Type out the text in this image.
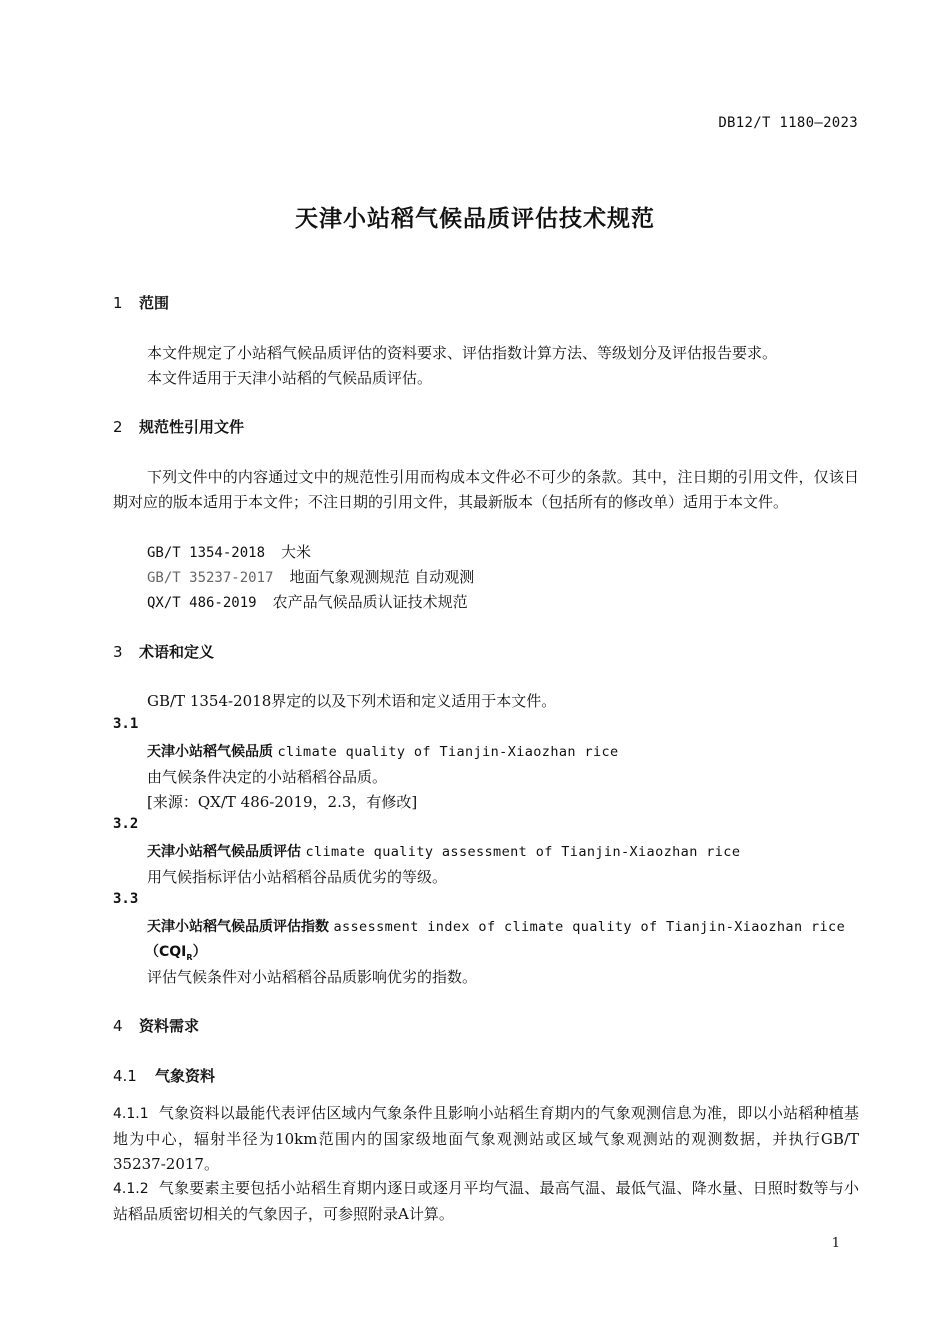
DB12/T 1180—2023
天津小站稻气候品质评估技术规范
1 范围
本文件规定了小站稻气候品质评估的资料要求、评估指数计算方法、等级划分及评估报告要求。
本文件适用于天津小站稻的气候品质评估。
2 规范性引用文件
下列文件中的内容通过文中的规范性引用而构成本文件必不可少的条款。其中，注日期的引用文件，仅该日期对应的版本适用于本文件；不注日期的引用文件，其最新版本（包括所有的修改单）适用于本文件。
GB/T 1354-2018 大米
GB/T 35237-2017 地面气象观测规范 自动观测
QX/T 486-2019 农产品气候品质认证技术规范
3 术语和定义
GB/T 1354-2018界定的以及下列术语和定义适用于本文件。
3.1
天津小站稻气候品质 climate quality of Tianjin-Xiaozhan rice
由气候条件决定的小站稻稻谷品质。
[来源：QX/T 486-2019，2.3，有修改]
3.2
天津小站稻气候品质评估 climate quality assessment of Tianjin-Xiaozhan rice
用气候指标评估小站稻稻谷品质优劣的等级。
3.3
天津小站稻气候品质评估指数 assessment index of climate quality of Tianjin-Xiaozhan rice
$(CQI_R)$
评估气候条件对小站稻稻谷品质影响优劣的指数。
4 资料需求
4.1 气象资料
4.1.1 气象资料以最能代表评估区域内气象条件且影响小站稻生育期内的气象观测信息为准，即以小站稻种植基地为中心，辐射半径为10km范围内的国家级地面气象观测站或区域气象观测站的观测数据，并执行GB/T 35237-2017。
4.1.2 气象要素主要包括小站稻生育期内逐日或逐月平均气温、最高气温、最低气温、降水量、日照时数等与小站稻品质密切相关的气象因子，可参照附录A计算。
1
